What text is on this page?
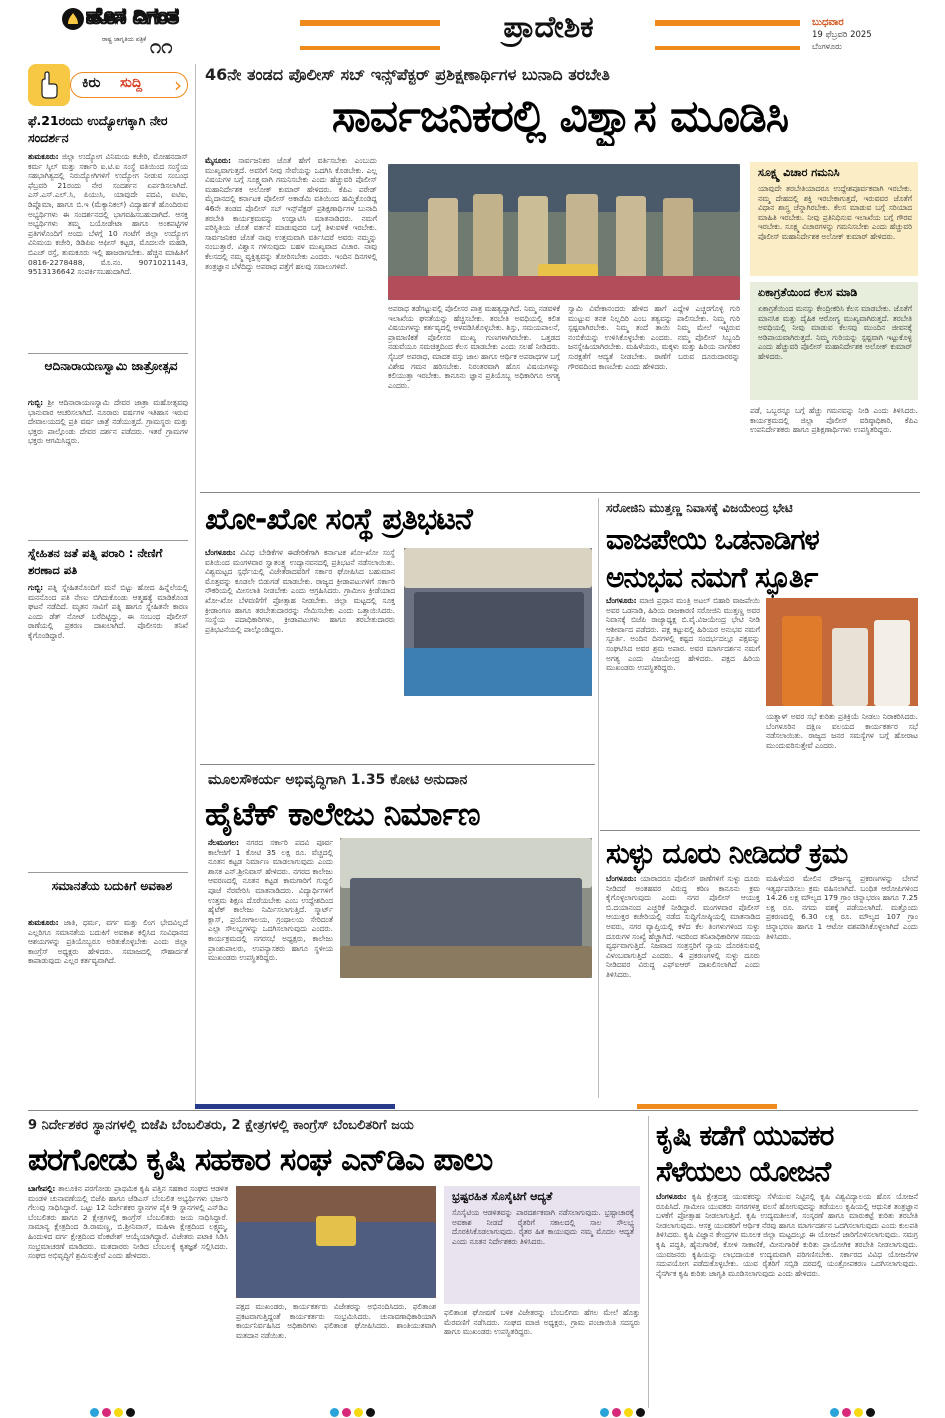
ಹೊಸ ದಿಗಂತ
ರಾಷ್ಟ್ರ ಜಾಗೃತಿಯ ಪತ್ರಿಕೆ ೧೧
ಪ್ರಾದೇಶಿಕ	ಬುಧವಾರ
19 ಫೆಬ್ರವರಿ 2025
ಬೆಂಗಳೂರು
ಕಿರು	ಸುದ್ದಿ	›
ಫೆ.21ರಂದು ಉದ್ಯೋಗಕ್ಕಾಗಿ ನೇರ ಸಂದರ್ಶನ
ತುಮಕೂರು: ಜಿಲ್ಲಾ ಉದ್ಯೋಗ ವಿನಿಮಯ ಕಚೇರಿ, ಮೋಹನದಾಸ್ ಕರ್ಮ ಸ್ಕಿಲ್ ಮತ್ತು ಸರ್ಕಾರಿ ಐ.ಟಿ.ಐ ಸಂಸ್ಥೆ ವತಿಯಿಂದ ಸಂಸ್ಥೆಯ ಸಹಭಾಗಿತ್ವದಲ್ಲಿ ನಿರುದ್ಯೋಗಿಗಳಿಗೆ ಉದ್ಯೋಗ ನೀಡುವ ಸಂಬಂಧ ಫೆಬ್ರವರಿ 21ರಂದು ನೇರ ಸಂದರ್ಶನ ಏರ್ಪಡಿಸಲಾಗಿದೆ. ಎಸ್‌.ಎಸ್‌.ಎಲ್‌.ಸಿ, ಪಿಯುಸಿ, ಯಾವುದೇ ಪದವಿ, ಐಟಿಐ, ಡಿಪ್ಲೊಮಾ, ಹಾಗೂ ಬಿ.ಇ (ಮೆಕ್ಯಾನಿಕಲ್) ವಿದ್ಯಾರ್ಹತೆ ಹೊಂದಿರುವ ಅಭ್ಯರ್ಥಿಗಳು ಈ ಸಂದರ್ಶನದಲ್ಲಿ ಭಾಗವಹಿಸಬಹುದಾಗಿದೆ. ಆಸಕ್ತ ಅಭ್ಯರ್ಥಿಗಳು ತಮ್ಮ ಬಯೋಡೇಟಾ ಹಾಗೂ ಅಂಕಪಟ್ಟಿಗಳ ಪ್ರತಿಗಳೊಂದಿಗೆ ಅಂದು ಬೆಳಗ್ಗೆ 10 ಗಂಟೆಗೆ ಜಿಲ್ಲಾ ಉದ್ಯೋಗ ವಿನಿಮಯ ಕಚೇರಿ, ಡಿಡಿಪಿಐ ಆಫೀಸ್ ಕಟ್ಟಡ, ಮೊದಲನೇ ಮಹಡಿ, ಬಿಎಚ್ ರಸ್ತೆ, ತುಮಕೂರು ಇಲ್ಲಿ ಹಾಜರಾಗಬೇಕು. ಹೆಚ್ಚಿನ ಮಾಹಿತಿಗೆ 0816-2278488, ಮೊ.ನಂ. 9071021143, 9513136642 ಸಂಪರ್ಕಿಸಬಹುದಾಗಿದೆ.
ಆದಿನಾರಾಯಣಸ್ವಾಮಿ ಜಾತ್ರೋತ್ಸವ
ಗುಬ್ಬಿ: ಶ್ರೀ ಆದಿನಾರಾಯಣಸ್ವಾಮಿ ದೇವರ ಜಾತ್ರಾ ಮಹೋತ್ಸವವು ಭಾನುವಾರ ಆಚರಿಸಲಾಗಿದೆ. ನೂರಾರು ವರ್ಷಗಳ ಇತಿಹಾಸ ಇರುವ ದೇವಾಲಯದಲ್ಲಿ ಪ್ರತಿ ವರ್ಷ ಜಾತ್ರೆ ನಡೆಯುತ್ತದೆ. ಗ್ರಾಮಸ್ಥರು ಮತ್ತು ಭಕ್ತರು ಪಾಲ್ಗೊಂಡು ದೇವರ ದರ್ಶನ ಪಡೆದರು. ಇತರೆ ಗ್ರಾಮಗಳ ಭಕ್ತರು ಆಗಮಿಸಿದ್ದರು.
ಸ್ನೇಹಿತನ ಜತೆ ಪತ್ನಿ ಪರಾರಿ : ನೇಣಿಗೆ ಶರಣಾದ ಪತಿ
ಗುಬ್ಬಿ: ಪತ್ನಿ ಸ್ನೇಹಿತನೊಂದಿಗೆ ಮನೆ ಬಿಟ್ಟು ಹೋದ ಹಿನ್ನೆಲೆಯಲ್ಲಿ ಮನನೊಂದ ಪತಿ ನೇಣು ಬಿಗಿದುಕೊಂಡು ಆತ್ಮಹತ್ಯೆ ಮಾಡಿಕೊಂಡ ಘಟನೆ ನಡೆದಿದೆ. ಮೃತನ ಸಾವಿಗೆ ಪತ್ನಿ ಹಾಗೂ ಸ್ನೇಹಿತನೇ ಕಾರಣ ಎಂದು ಡೆತ್ ನೋಟ್ ಬರೆದಿಟ್ಟಿದ್ದು, ಈ ಸಂಬಂಧ ಪೊಲೀಸ್ ಠಾಣೆಯಲ್ಲಿ ಪ್ರಕರಣ ದಾಖಲಾಗಿದೆ. ಪೊಲೀಸರು ತನಿಖೆ ಕೈಗೊಂಡಿದ್ದಾರೆ.
ಸಮಾನತೆಯ ಬದುಕಿಗೆ ಅವಕಾಶ
ತುಮಕೂರು: ಜಾತಿ, ಧರ್ಮ, ವರ್ಗ ಮತ್ತು ಲಿಂಗ ಭೇದವಿಲ್ಲದೆ ಎಲ್ಲರಿಗೂ ಸಮಾನತೆಯ ಬದುಕಿಗೆ ಅವಕಾಶ ಕಲ್ಪಿಸಿದ ಸಂವಿಧಾನದ ಆಶಯಗಳನ್ನು ಪ್ರತಿಯೊಬ್ಬರೂ ಅರಿತುಕೊಳ್ಳಬೇಕು ಎಂದು ಜಿಲ್ಲಾ ಕಾಂಗ್ರೆಸ್ ಅಧ್ಯಕ್ಷರು ಹೇಳಿದರು. ಸಮಾಜದಲ್ಲಿ ಸೌಹಾರ್ದತೆ ಕಾಪಾಡುವುದು ಎಲ್ಲರ ಕರ್ತವ್ಯವಾಗಿದೆ.
46ನೇ ತಂಡದ ಪೊಲೀಸ್ ಸಬ್ ಇನ್ಸ್‌ಪೆಕ್ಟರ್ ಪ್ರಶಿಕ್ಷಣಾರ್ಥಿಗಳ ಬುನಾದಿ ತರಬೇತಿ
ಸಾರ್ವಜನಿಕರಲ್ಲಿ ವಿಶ್ವಾಸ ಮೂಡಿಸಿ
ಮೈಸೂರು: ಸಾರ್ವಜನಿಕರ ಜೊತೆ ಹೇಗೆ ವರ್ತಿಸಬೇಕು ಎಂಬುದು ಮುಖ್ಯವಾಗುತ್ತದೆ. ಅವರಿಗೆ ನೀವು ಸೇವೆಯನ್ನು ಒದಗಿಸಿ ಕೊಡಬೇಕು. ಎಲ್ಲ ವಿಷಯಗಳ ಬಗ್ಗೆ ಸೂಕ್ಷ್ಮವಾಗಿ ಗಮನಿಸಬೇಕು ಎಂದು ಹೆಚ್ಚುವರಿ ಪೊಲೀಸ್ ಮಹಾನಿರ್ದೇಶಕ ಅಲೋಕ್ ಕುಮಾರ್ ಹೇಳಿದರು. ಕೆಪಿಎ ಪರೇಡ್ ಮೈದಾನದಲ್ಲಿ ಕರ್ನಾಟಕ ಪೊಲೀಸ್ ಅಕಾಡೆಮಿ ವತಿಯಿಂದ ಹಮ್ಮಿಕೊಂಡಿದ್ದ 46ನೇ ತಂಡದ ಪೊಲೀಸ್ ಸಬ್ ಇನ್ಸ್‌ಪೆಕ್ಟರ್ ಪ್ರಶಿಕ್ಷಣಾರ್ಥಿಗಳ ಬುನಾದಿ ತರಬೇತಿ ಕಾರ್ಯಕ್ರಮವನ್ನು ಉದ್ಘಾಟಿಸಿ ಮಾತನಾಡಿದರು. ನಮಗೆ ಪರಿಸ್ಥಿತಿಯ ಜೊತೆ ವರ್ತನೆ ಮಾಡುವುದರ ಬಗ್ಗೆ ತಿಳುವಳಿಕೆ ಇರಬೇಕು. ಸಾರ್ವಜನಿಕರ ಜೊತೆ ನಾವು ಉತ್ತಮವಾಗಿ ವರ್ತಿಸಿದರೆ ಅವರು ನಮ್ಮನ್ನು ನಂಬುತ್ತಾರೆ. ವಿಶ್ವಾಸ ಗಳಿಸುವುದು ಬಹಳ ಮುಖ್ಯವಾದ ವಿಚಾರ. ನಾವು ಕೆಲಸದಲ್ಲಿ ನಮ್ಮ ವ್ಯಕ್ತಿತ್ವವನ್ನು ತೋರಿಸಬೇಕು ಎಂದರು. ಇಂದಿನ ದಿನಗಳಲ್ಲಿ ತಂತ್ರಜ್ಞಾನ ಬೆಳೆದಿದ್ದು ಅಪರಾಧ ಪತ್ತೆಗೆ ಹಲವು ಸವಾಲುಗಳಿವೆ.
ಅಪರಾಧ ತಡೆಗಟ್ಟುವಲ್ಲಿ ಪೊಲೀಸರ ಪಾತ್ರ ಮಹತ್ವದ್ದಾಗಿದೆ. ನಿಮ್ಮ ನಡವಳಿಕೆ ಇಲಾಖೆಯ ಘನತೆಯನ್ನು ಹೆಚ್ಚಿಸಬೇಕು. ತರಬೇತಿ ಅವಧಿಯಲ್ಲಿ ಕಲಿತ ವಿಷಯಗಳನ್ನು ಕರ್ತವ್ಯದಲ್ಲಿ ಅಳವಡಿಸಿಕೊಳ್ಳಬೇಕು. ಶಿಸ್ತು, ಸಮಯಪಾಲನೆ, ಪ್ರಾಮಾಣಿಕತೆ ಪೊಲೀಸರ ಮುಖ್ಯ ಗುಣಗಳಾಗಿರಬೇಕು. ಒತ್ತಡದ ನಡುವೆಯೂ ಸಮಚಿತ್ತದಿಂದ ಕೆಲಸ ಮಾಡಬೇಕು ಎಂದು ಸಲಹೆ ನೀಡಿದರು. ಸೈಬರ್ ಅಪರಾಧ, ಮಾದಕ ವಸ್ತು ಜಾಲ ಹಾಗೂ ಆರ್ಥಿಕ ಅಪರಾಧಗಳ ಬಗ್ಗೆ ವಿಶೇಷ ಗಮನ ಹರಿಸಬೇಕು. ನಿರಂತರವಾಗಿ ಹೊಸ ವಿಷಯಗಳನ್ನು ಕಲಿಯುತ್ತಾ ಇರಬೇಕು. ಕಾನೂನು ಜ್ಞಾನ ಪ್ರತಿಯೊಬ್ಬ ಅಧಿಕಾರಿಗೂ ಅಗತ್ಯ ಎಂದರು.
ಸ್ವಾಮಿ ವಿವೇಕಾನಂದರು ಹೇಳಿದ ಹಾಗೆ ಎದ್ದೇಳಿ ಎಚ್ಚರಗೊಳ್ಳಿ ಗುರಿ ಮುಟ್ಟುವ ತನಕ ನಿಲ್ಲದಿರಿ ಎಂಬ ತತ್ವವನ್ನು ಪಾಲಿಸಬೇಕು. ನಿಮ್ಮ ಗುರಿ ಸ್ಪಷ್ಟವಾಗಿರಬೇಕು. ನಿಮ್ಮ ತಂದೆ ತಾಯಿ ನಿಮ್ಮ ಮೇಲೆ ಇಟ್ಟಿರುವ ನಂಬಿಕೆಯನ್ನು ಉಳಿಸಿಕೊಳ್ಳಬೇಕು ಎಂದರು. ನಮ್ಮ ಪೊಲೀಸ್ ಸಿಬ್ಬಂದಿ ಜನಸ್ನೇಹಿಯಾಗಿರಬೇಕು. ಮಹಿಳೆಯರು, ಮಕ್ಕಳು ಮತ್ತು ಹಿರಿಯ ನಾಗರಿಕರ ಸುರಕ್ಷತೆಗೆ ಆದ್ಯತೆ ನೀಡಬೇಕು. ಠಾಣೆಗೆ ಬರುವ ದೂರುದಾರರನ್ನು ಗೌರವದಿಂದ ಕಾಣಬೇಕು ಎಂದು ಹೇಳಿದರು.
ಸೂಕ್ಷ್ಮ ವಿಚಾರ ಗಮನಿಸಿ
ಯಾವುದೇ ತರಬೇತಿಯಾದರೂ ಉದ್ದೇಶಪೂರ್ವಕವಾಗಿ ಇರಬೇಕು. ನಮ್ಮ ದೇಹದಲ್ಲಿ ಶಕ್ತಿ ಇರಬೇಕಾಗುತ್ತದೆ, ಇರುವವರ ಜೊತೆಗೆ ವಿಧಾನ ಶಾಸ್ತ್ರ ಚೆನ್ನಾಗಿರಬೇಕು. ಕೆಲಸ ಮಾಡುವ ಬಗ್ಗೆ ಸರಿಯಾದ ಮಾಹಿತಿ ಇರಬೇಕು. ನೀವು ಪ್ರತಿನಿಧಿಸುವ ಇಲಾಖೆಯ ಬಗ್ಗೆ ಗೌರವ ಇರಬೇಕು. ಸೂಕ್ಷ್ಮ ವಿಚಾರಗಳನ್ನು ಗಮನಿಸಬೇಕು ಎಂದು ಹೆಚ್ಚುವರಿ ಪೊಲೀಸ್ ಮಹಾನಿರ್ದೇಶಕ ಅಲೋಕ್ ಕುಮಾರ್ ಹೇಳಿದರು.
ಏಕಾಗ್ರತೆಯಿಂದ ಕೆಲಸ ಮಾಡಿ
ಏಕಾಗ್ರತೆಯಿಂದ ಮನಸ್ಸು ಕೇಂದ್ರೀಕರಿಸಿ ಕೆಲಸ ಮಾಡಬೇಕು. ಜೊತೆಗೆ ಮಾನಸಿಕ ಮತ್ತು ದೈಹಿಕ ಆರೋಗ್ಯ ಮುಖ್ಯವಾಗಿರುತ್ತದೆ. ತರಬೇತಿ ಅವಧಿಯಲ್ಲಿ ನೀವು ಮಾಡುವ ಕೆಲಸವು ಮುಂದಿನ ಜೀವನಕ್ಕೆ ಅಡಿಪಾಯವಾಗಿರುತ್ತದೆ. ನಿಮ್ಮ ಗುರಿಯನ್ನು ಸ್ಪಷ್ಟವಾಗಿ ಇಟ್ಟುಕೊಳ್ಳಿ ಎಂದು ಹೆಚ್ಚುವರಿ ಪೊಲೀಸ್ ಮಹಾನಿರ್ದೇಶಕ ಅಲೋಕ್ ಕುಮಾರ್ ಹೇಳಿದರು.
ಪಡೆ, ಒಬ್ಬರನ್ನೂ ಬಗ್ಗೆ ಹೆಚ್ಚು ಗಮನವನ್ನು ನೀಡಿ ಎಂದು ತಿಳಿಸಿದರು. ಕಾರ್ಯಕ್ರಮದಲ್ಲಿ ಜಿಲ್ಲಾ ಪೊಲೀಸ್ ವರಿಷ್ಠಾಧಿಕಾರಿ, ಕೆಪಿಎ ಉಪನಿರ್ದೇಶಕರು ಹಾಗೂ ಪ್ರಶಿಕ್ಷಣಾರ್ಥಿಗಳು ಉಪಸ್ಥಿತರಿದ್ದರು.
ಖೋ-ಖೋ ಸಂಸ್ಥೆ ಪ್ರತಿಭಟನೆ
ಬೆಂಗಳೂರು: ವಿವಿಧ ಬೇಡಿಕೆಗಳ ಈಡೇರಿಕೆಗಾಗಿ ಕರ್ನಾಟಕ ಖೋ-ಖೋ ಸಂಸ್ಥೆ ವತಿಯಿಂದ ಮಂಗಳವಾರ ಸ್ವಾತಂತ್ರ್ಯ ಉದ್ಯಾನವನದಲ್ಲಿ ಪ್ರತಿಭಟನೆ ನಡೆಸಲಾಯಿತು. ವಿಶ್ವಮಟ್ಟದ ಸ್ಪರ್ಧೆಯಲ್ಲಿ ವಿಜೇತರಾದವರಿಗೆ ಸರ್ಕಾರ ಘೋಷಿಸಿದ ಬಹುಮಾನ ಮೊತ್ತವನ್ನು ಕೂಡಲೇ ಬಿಡುಗಡೆ ಮಾಡಬೇಕು. ರಾಜ್ಯದ ಕ್ರೀಡಾಪಟುಗಳಿಗೆ ಸರ್ಕಾರಿ ನೌಕರಿಯಲ್ಲಿ ಮೀಸಲಾತಿ ನೀಡಬೇಕು ಎಂದು ಆಗ್ರಹಿಸಿದರು. ಗ್ರಾಮೀಣ ಕ್ರೀಡೆಯಾದ ಖೋ-ಖೋ ಬೆಳವಣಿಗೆಗೆ ಪ್ರೋತ್ಸಾಹ ನೀಡಬೇಕು. ಜಿಲ್ಲಾ ಮಟ್ಟದಲ್ಲಿ ಸೂಕ್ತ ಕ್ರೀಡಾಂಗಣ ಹಾಗೂ ತರಬೇತುದಾರರನ್ನು ನೇಮಿಸಬೇಕು ಎಂದು ಒತ್ತಾಯಿಸಿದರು. ಸಂಸ್ಥೆಯ ಪದಾಧಿಕಾರಿಗಳು, ಕ್ರೀಡಾಪಟುಗಳು ಹಾಗೂ ತರಬೇತುದಾರರು ಪ್ರತಿಭಟನೆಯಲ್ಲಿ ಪಾಲ್ಗೊಂಡಿದ್ದರು.
ಸರೋಜಿನಿ ಮುತ್ತಣ್ಣ ನಿವಾಸಕ್ಕೆ ವಿಜಯೇಂದ್ರ ಭೇಟಿ
ವಾಜಪೇಯಿ ಒಡನಾಡಿಗಳ
ಅನುಭವ ನಮಗೆ ಸ್ಫೂರ್ತಿ
ಬೆಂಗಳೂರು: ಮಾಜಿ ಪ್ರಧಾನ ಮಂತ್ರಿ ಅಟಲ್ ಬಿಹಾರಿ ವಾಜಪೇಯಿ ಅವರ ಒಡನಾಡಿ, ಹಿರಿಯ ರಾಜಕಾರಣಿ ಸರೋಜಿನಿ ಮುತ್ತಣ್ಣ ಅವರ ನಿವಾಸಕ್ಕೆ ಬಿಜೆಪಿ ರಾಜ್ಯಾಧ್ಯಕ್ಷ ಬಿ.ವೈ.ವಿಜಯೇಂದ್ರ ಭೇಟಿ ನೀಡಿ ಆಶೀರ್ವಾದ ಪಡೆದರು. ಪಕ್ಷ ಕಟ್ಟುವಲ್ಲಿ ಹಿರಿಯರ ಅನುಭವ ನಮಗೆ ಸ್ಫೂರ್ತಿ. ಅಂದಿನ ದಿನಗಳಲ್ಲಿ ಕಷ್ಟದ ಸಂದರ್ಭದಲ್ಲೂ ಪಕ್ಷವನ್ನು ಸಂಘಟಿಸಿದ ಅವರ ಶ್ರಮ ಅಪಾರ. ಅವರ ಮಾರ್ಗದರ್ಶನ ನಮಗೆ ಅಗತ್ಯ ಎಂದು ವಿಜಯೇಂದ್ರ ಹೇಳಿದರು. ಪಕ್ಷದ ಹಿರಿಯ ಮುಖಂಡರು ಉಪಸ್ಥಿತರಿದ್ದರು.
ಯತ್ನಾಳ್ ಅವರ ಸಭೆ ಕುರಿತು ಪ್ರತಿಕ್ರಿಯೆ ನೀಡಲು ನಿರಾಕರಿಸಿದರು. ಬೆಂಗಳೂರಿನ ದಕ್ಷಿಣ ವಲಯದ ಕಾರ್ಯಕರ್ತರ ಸಭೆ ನಡೆಸಲಾಯಿತು. ರಾಜ್ಯದ ಜನರ ಸಮಸ್ಯೆಗಳ ಬಗ್ಗೆ ಹೋರಾಟ ಮುಂದುವರಿಸುತ್ತೇವೆ ಎಂದರು.
ಮೂಲಸೌಕರ್ಯ ಅಭಿವೃದ್ಧಿಗಾಗಿ 1.35 ಕೋಟಿ ಅನುದಾನ
ಹೈಟೆಕ್ ಕಾಲೇಜು ನಿರ್ಮಾಣ
ನೆಲಮಂಗಲ: ನಗರದ ಸರ್ಕಾರಿ ಪದವಿ ಪೂರ್ವ ಕಾಲೇಜಿಗೆ 1 ಕೋಟಿ 35 ಲಕ್ಷ ರೂ. ವೆಚ್ಚದಲ್ಲಿ ನೂತನ ಕಟ್ಟಡ ನಿರ್ಮಾಣ ಮಾಡಲಾಗುವುದು ಎಂದು ಶಾಸಕ ಎನ್.ಶ್ರೀನಿವಾಸ್ ಹೇಳಿದರು. ನಗರದ ಕಾಲೇಜು ಆವರಣದಲ್ಲಿ ನೂತನ ಕಟ್ಟಡ ಕಾಮಗಾರಿಗೆ ಗುದ್ದಲಿ ಪೂಜೆ ನೆರವೇರಿಸಿ ಮಾತನಾಡಿದರು. ವಿದ್ಯಾರ್ಥಿಗಳಿಗೆ ಉತ್ತಮ ಶಿಕ್ಷಣ ದೊರೆಯಬೇಕು ಎಂಬ ಉದ್ದೇಶದಿಂದ ಹೈಟೆಕ್ ಕಾಲೇಜು ನಿರ್ಮಿಸಲಾಗುತ್ತಿದೆ. ಸ್ಮಾರ್ಟ್ ಕ್ಲಾಸ್, ಪ್ರಯೋಗಾಲಯ, ಗ್ರಂಥಾಲಯ ಸೇರಿದಂತೆ ಎಲ್ಲಾ ಸೌಲಭ್ಯಗಳನ್ನು ಒದಗಿಸಲಾಗುವುದು ಎಂದರು. ಕಾರ್ಯಕ್ರಮದಲ್ಲಿ ನಗರಸಭೆ ಅಧ್ಯಕ್ಷರು, ಕಾಲೇಜು ಪ್ರಾಂಶುಪಾಲರು, ಉಪನ್ಯಾಸಕರು ಹಾಗೂ ಸ್ಥಳೀಯ ಮುಖಂಡರು ಉಪಸ್ಥಿತರಿದ್ದರು.
ಸುಳ್ಳು ದೂರು ನೀಡಿದರೆ ಕ್ರಮ
ಬೆಂಗಳೂರು: ಯಾರಾದರೂ ಪೊಲೀಸ್ ಠಾಣೆಗಳಿಗೆ ಸುಳ್ಳು ದೂರು ನೀಡಿದರೆ ಅಂತಹವರ ವಿರುದ್ಧ ಕಠಿಣ ಕಾನೂನು ಕ್ರಮ ಕೈಗೊಳ್ಳಲಾಗುವುದು ಎಂದು ನಗರ ಪೊಲೀಸ್ ಆಯುಕ್ತ ಬಿ.ದಯಾನಂದ ಎಚ್ಚರಿಕೆ ನೀಡಿದ್ದಾರೆ. ಮಂಗಳವಾರ ಪೊಲೀಸ್ ಆಯುಕ್ತರ ಕಚೇರಿಯಲ್ಲಿ ನಡೆದ ಸುದ್ದಿಗೋಷ್ಠಿಯಲ್ಲಿ ಮಾತನಾಡಿದ ಅವರು, ನಗರ ವ್ಯಾಪ್ತಿಯಲ್ಲಿ ಕಳೆದ ಕೆಲ ತಿಂಗಳುಗಳಿಂದ ಸುಳ್ಳು ದೂರುಗಳ ಸಂಖ್ಯೆ ಹೆಚ್ಚಾಗಿದೆ. ಇದರಿಂದ ತನಿಖಾಧಿಕಾರಿಗಳ ಸಮಯ ವ್ಯರ್ಥವಾಗುತ್ತಿದೆ. ನಿಜವಾದ ಸಂತ್ರಸ್ತರಿಗೆ ನ್ಯಾಯ ದೊರಕಿಸುವಲ್ಲಿ ವಿಳಂಬವಾಗುತ್ತಿದೆ ಎಂದರು. 4 ಪ್ರಕರಣಗಳಲ್ಲಿ ಸುಳ್ಳು ದೂರು ನೀಡಿದವರ ವಿರುದ್ಧ ಎಫ್‌ಐಆರ್ ದಾಖಲಿಸಲಾಗಿದೆ ಎಂದು ತಿಳಿಸಿದರು.
ಮಹಿಳೆಯರ ಮೇಲಿನ ದೌರ್ಜನ್ಯ ಪ್ರಕರಣಗಳನ್ನು ಬೇಗನೆ ಇತ್ಯರ್ಥಪಡಿಸಲು ಕ್ರಮ ವಹಿಸಲಾಗಿದೆ. ಬಂಧಿತ ಆರೋಪಿಗಳಿಂದ 14.26 ಲಕ್ಷ ಮೌಲ್ಯದ 179 ಗ್ರಾಂ ಚಿನ್ನಾಭರಣ ಹಾಗೂ 7.25 ಲಕ್ಷ ರೂ. ನಗದು ವಶಕ್ಕೆ ಪಡೆಯಲಾಗಿದೆ. ಮತ್ತೊಂದು ಪ್ರಕರಣದಲ್ಲಿ 6.30 ಲಕ್ಷ ರೂ. ಮೌಲ್ಯದ 107 ಗ್ರಾಂ ಚಿನ್ನಾಭರಣ ಹಾಗೂ 1 ಆಟೋ ವಶಪಡಿಸಿಕೊಳ್ಳಲಾಗಿದೆ ಎಂದು ತಿಳಿಸಿದರು.
9 ನಿರ್ದೇಶಕರ ಸ್ಥಾನಗಳಲ್ಲಿ ಬಿಜೆಪಿ ಬೆಂಬಲಿತರು, 2 ಕ್ಷೇತ್ರಗಳಲ್ಲಿ ಕಾಂಗ್ರೆಸ್ ಬೆಂಬಲಿತರಿಗೆ ಜಯ
ಪರಗೋಡು ಕೃಷಿ ಸಹಕಾರ ಸಂಘ ಎನ್‌ಡಿಎ ಪಾಲು
ಬಾಗೇಪಲ್ಲಿ: ತಾಲೂಕಿನ ಪರಗೋಡು ಪ್ರಾಥಮಿಕ ಕೃಷಿ ಪತ್ತಿನ ಸಹಕಾರ ಸಂಘದ ಆಡಳಿತ ಮಂಡಳಿ ಚುನಾವಣೆಯಲ್ಲಿ ಬಿಜೆಪಿ ಹಾಗೂ ಜೆಡಿಎಸ್ ಬೆಂಬಲಿತ ಅಭ್ಯರ್ಥಿಗಳು ಭರ್ಜರಿ ಗೆಲುವು ಸಾಧಿಸಿದ್ದಾರೆ. ಒಟ್ಟು 12 ನಿರ್ದೇಶಕರ ಸ್ಥಾನಗಳ ಪೈಕಿ 9 ಸ್ಥಾನಗಳಲ್ಲಿ ಎನ್‌ಡಿಎ ಬೆಂಬಲಿತರು ಹಾಗೂ 2 ಕ್ಷೇತ್ರಗಳಲ್ಲಿ ಕಾಂಗ್ರೆಸ್ ಬೆಂಬಲಿತರು ಜಯ ಸಾಧಿಸಿದ್ದಾರೆ. ಸಾಮಾನ್ಯ ಕ್ಷೇತ್ರದಿಂದ ಡಿ.ರಾಮಣ್ಣ, ಬಿ.ಶ್ರೀನಿವಾಸ್, ಮಹಿಳಾ ಕ್ಷೇತ್ರದಿಂದ ಲಕ್ಷ್ಮಮ್ಮ, ಹಿಂದುಳಿದ ವರ್ಗ ಕ್ಷೇತ್ರದಿಂದ ವೆಂಕಟೇಶ್ ಆಯ್ಕೆಯಾಗಿದ್ದಾರೆ. ವಿಜೇತರು ಪಟಾಕಿ ಸಿಡಿಸಿ ಸಂಭ್ರಮಾಚರಣೆ ಮಾಡಿದರು. ಮತದಾರರು ನೀಡಿದ ಬೆಂಬಲಕ್ಕೆ ಕೃತಜ್ಞತೆ ಸಲ್ಲಿಸಿದರು. ಸಂಘದ ಅಭಿವೃದ್ಧಿಗೆ ಶ್ರಮಿಸುತ್ತೇವೆ ಎಂದು ಹೇಳಿದರು.
ಪಕ್ಷದ ಮುಖಂಡರು, ಕಾರ್ಯಕರ್ತರು ವಿಜೇತರನ್ನು ಅಭಿನಂದಿಸಿದರು. ಫಲಿತಾಂಶ ಪ್ರಕಟವಾಗುತ್ತಿದ್ದಂತೆ ಕಾರ್ಯಕರ್ತರು ಸಂಭ್ರಮಿಸಿದರು. ಚುನಾವಣಾಧಿಕಾರಿಯಾಗಿ ಕಾರ್ಯನಿರ್ವಹಿಸಿದ ಅಧಿಕಾರಿಗಳು ಫಲಿತಾಂಶ ಘೋಷಿಸಿದರು. ಶಾಂತಿಯುತವಾಗಿ ಮತದಾನ ನಡೆಯಿತು.
ಭ್ರಷ್ಟರಹಿತ ಸೊಸೈಟಿಗೆ ಆದ್ಯತೆ
ಸೊಸೈಟಿಯ ಆಡಳಿತವನ್ನು ಪಾರದರ್ಶಕವಾಗಿ ನಡೆಸಲಾಗುವುದು. ಭ್ರಷ್ಟಾಚಾರಕ್ಕೆ ಅವಕಾಶ ನೀಡದೆ ರೈತರಿಗೆ ಸಕಾಲದಲ್ಲಿ ಸಾಲ ಸೌಲಭ್ಯ ದೊರಕಿಸಿಕೊಡಲಾಗುವುದು. ರೈತರ ಹಿತ ಕಾಯುವುದು ನಮ್ಮ ಮೊದಲ ಆದ್ಯತೆ ಎಂದು ನೂತನ ನಿರ್ದೇಶಕರು ತಿಳಿಸಿದರು.
ಫಲಿತಾಂಶ ಘೋಷಣೆ ಬಳಿಕ ವಿಜೇತರನ್ನು ಬೆಂಬಲಿಗರು ಹೆಗಲ ಮೇಲೆ ಹೊತ್ತು ಮೆರವಣಿಗೆ ನಡೆಸಿದರು. ಸಂಘದ ಮಾಜಿ ಅಧ್ಯಕ್ಷರು, ಗ್ರಾಮ ಪಂಚಾಯಿತಿ ಸದಸ್ಯರು ಹಾಗೂ ಮುಖಂಡರು ಉಪಸ್ಥಿತರಿದ್ದರು.
ಕೃಷಿ ಕಡೆಗೆ ಯುವಕರ
ಸೆಳೆಯಲು ಯೋಜನೆ
ಬೆಂಗಳೂರು: ಕೃಷಿ ಕ್ಷೇತ್ರದತ್ತ ಯುವಕರನ್ನು ಸೆಳೆಯುವ ನಿಟ್ಟಿನಲ್ಲಿ ಕೃಷಿ ವಿಶ್ವವಿದ್ಯಾಲಯ ಹೊಸ ಯೋಜನೆ ರೂಪಿಸಿದೆ. ಗ್ರಾಮೀಣ ಯುವಕರು ನಗರಗಳತ್ತ ವಲಸೆ ಹೋಗುವುದನ್ನು ತಡೆಯಲು ಕೃಷಿಯಲ್ಲಿ ಆಧುನಿಕ ತಂತ್ರಜ್ಞಾನ ಬಳಕೆಗೆ ಪ್ರೋತ್ಸಾಹ ನೀಡಲಾಗುತ್ತಿದೆ. ಕೃಷಿ ಉದ್ಯಮಶೀಲತೆ, ಸಂಸ್ಕರಣೆ ಹಾಗೂ ಮಾರುಕಟ್ಟೆ ಕುರಿತು ತರಬೇತಿ ನೀಡಲಾಗುವುದು. ಆಸಕ್ತ ಯುವಕರಿಗೆ ಆರ್ಥಿಕ ನೆರವು ಹಾಗೂ ಮಾರ್ಗದರ್ಶನ ಒದಗಿಸಲಾಗುವುದು ಎಂದು ಕುಲಪತಿ ತಿಳಿಸಿದರು. ಕೃಷಿ ವಿಜ್ಞಾನ ಕೇಂದ್ರಗಳ ಮೂಲಕ ಜಿಲ್ಲಾ ಮಟ್ಟದಲ್ಲೂ ಈ ಯೋಜನೆ ಜಾರಿಗೊಳಿಸಲಾಗುವುದು. ಸಮಗ್ರ ಕೃಷಿ ಪದ್ಧತಿ, ಹೈನುಗಾರಿಕೆ, ಕೋಳಿ ಸಾಕಾಣಿಕೆ, ಮೀನುಗಾರಿಕೆ ಕುರಿತು ಪ್ರಾಯೋಗಿಕ ತರಬೇತಿ ನೀಡಲಾಗುವುದು. ಯುವಜನರು ಕೃಷಿಯನ್ನು ಲಾಭದಾಯಕ ಉದ್ಯಮವಾಗಿ ಪರಿಗಣಿಸಬೇಕು. ಸರ್ಕಾರದ ವಿವಿಧ ಯೋಜನೆಗಳ ಸದುಪಯೋಗ ಪಡೆದುಕೊಳ್ಳಬೇಕು. ಯುವ ರೈತರಿಗೆ ಸಬ್ಸಿಡಿ ದರದಲ್ಲಿ ಯಂತ್ರೋಪಕರಣ ಒದಗಿಸಲಾಗುವುದು. ನೈಸರ್ಗಿಕ ಕೃಷಿ ಕುರಿತು ಜಾಗೃತಿ ಮೂಡಿಸಲಾಗುವುದು ಎಂದು ಹೇಳಿದರು.
